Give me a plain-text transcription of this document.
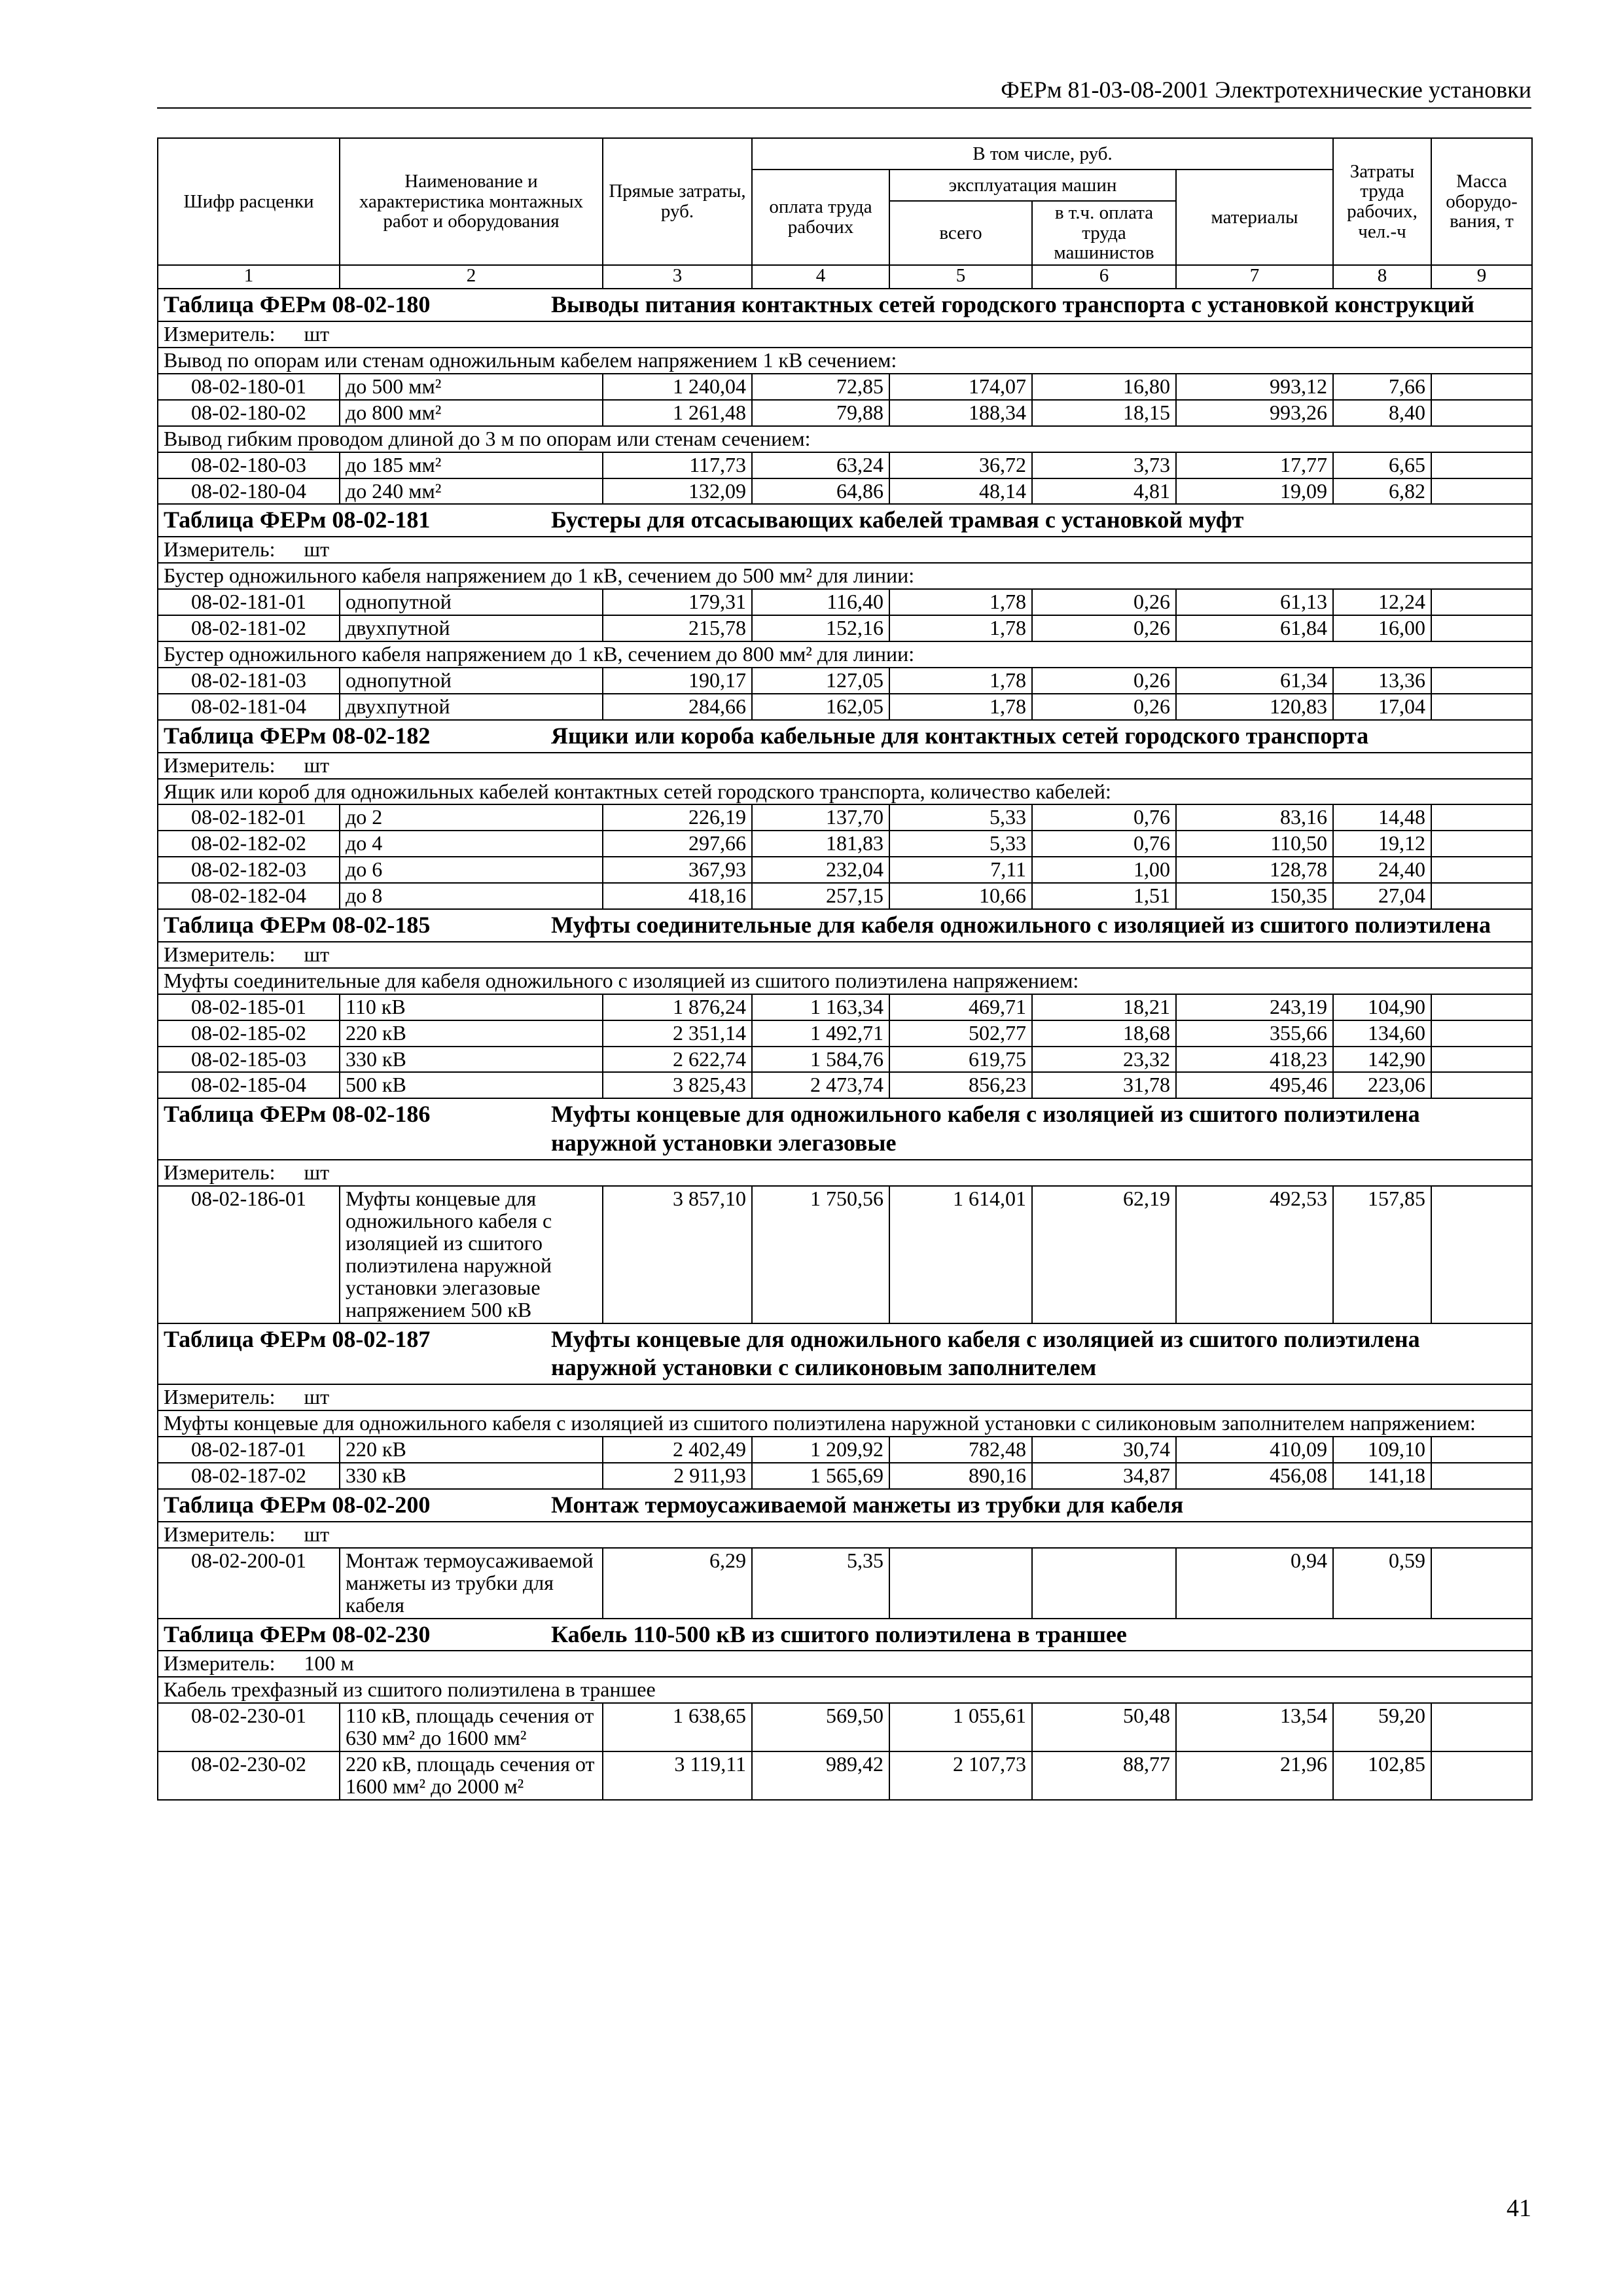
ФЕРм 81-03-08-2001 Электротехнические установки
Шифр расценки	Наименование и характеристика монтажных работ и оборудования	Прямые затраты, руб.	В том числе, руб.				Затраты труда рабочих, чел.-ч	Масса оборудо-вания, т
			оплата труда рабочих	эксплуатация машин		материалы		
				всего	в т.ч. оплата труда машинистов			

1	2	3	4	5	6	7	8	9

Таблица ФЕРм 08-02-180 Выводы питания контактных сетей городского транспорта с установкой конструкций								

Измеритель: шт								
Вывод по опорам или стенам одножильным кабелем напряжением 1 кВ сечением:								
08-02-180-01	до 500 мм²	1 240,04	72,85	174,07	16,80	993,12	7,66	
08-02-180-02	до 800 мм²	1 261,48	79,88	188,34	18,15	993,26	8,40	
Вывод гибким проводом длиной до 3 м по опорам или стенам сечением:								
08-02-180-03	до 185 мм²	117,73	63,24	36,72	3,73	17,77	6,65	
08-02-180-04	до 240 мм²	132,09	64,86	48,14	4,81	19,09	6,82	

Таблица ФЕРм 08-02-181 Бустеры для отсасывающих кабелей трамвая с установкой муфт								

Измеритель: шт								
Бустер одножильного кабеля напряжением до 1 кВ, сечением до 500 мм² для линии:								
08-02-181-01	однопутной	179,31	116,40	1,78	0,26	61,13	12,24	
08-02-181-02	двухпутной	215,78	152,16	1,78	0,26	61,84	16,00	
Бустер одножильного кабеля напряжением до 1 кВ, сечением до 800 мм² для линии:								
08-02-181-03	однопутной	190,17	127,05	1,78	0,26	61,34	13,36	
08-02-181-04	двухпутной	284,66	162,05	1,78	0,26	120,83	17,04	

Таблица ФЕРм 08-02-182 Ящики или короба кабельные для контактных сетей городского транспорта								

Измеритель: шт								
Ящик или короб для одножильных кабелей контактных сетей городского транспорта, количество кабелей:								
08-02-182-01	до 2	226,19	137,70	5,33	0,76	83,16	14,48	
08-02-182-02	до 4	297,66	181,83	5,33	0,76	110,50	19,12	
08-02-182-03	до 6	367,93	232,04	7,11	1,00	128,78	24,40	
08-02-182-04	до 8	418,16	257,15	10,66	1,51	150,35	27,04	

Таблица ФЕРм 08-02-185 Муфты соединительные для кабеля одножильного с изоляцией из сшитого полиэтилена								

Измеритель: шт								
Муфты соединительные для кабеля одножильного с изоляцией из сшитого полиэтилена напряжением:								
08-02-185-01	110 кВ	1 876,24	1 163,34	469,71	18,21	243,19	104,90	
08-02-185-02	220 кВ	2 351,14	1 492,71	502,77	18,68	355,66	134,60	
08-02-185-03	330 кВ	2 622,74	1 584,76	619,75	23,32	418,23	142,90	
08-02-185-04	500 кВ	3 825,43	2 473,74	856,23	31,78	495,46	223,06	

Таблица ФЕРм 08-02-186 Муфты концевые для одножильного кабеля с изоляцией из сшитого полиэтилена наружной установки элегазовые								

Измеритель: шт								
08-02-186-01	Муфты концевые для одножильного кабеля с изоляцией из сшитого полиэтилена наружной установки элегазовые напряжением 500 кВ	3 857,10	1 750,56	1 614,01	62,19	492,53	157,85	

Таблица ФЕРм 08-02-187 Муфты концевые для одножильного кабеля с изоляцией из сшитого полиэтилена наружной установки с силиконовым заполнителем								

Измеритель: шт								
Муфты концевые для одножильного кабеля с изоляцией из сшитого полиэтилена наружной установки с силиконовым заполнителем напряжением:								
08-02-187-01	220 кВ	2 402,49	1 209,92	782,48	30,74	410,09	109,10	
08-02-187-02	330 кВ	2 911,93	1 565,69	890,16	34,87	456,08	141,18	

Таблица ФЕРм 08-02-200 Монтаж термоусаживаемой манжеты из трубки для кабеля								

Измеритель: шт								
08-02-200-01	Монтаж термоусаживаемой манжеты из трубки для кабеля	6,29	5,35			0,94	0,59	

Таблица ФЕРм 08-02-230 Кабель 110-500 кВ из сшитого полиэтилена в траншее								

Измеритель: 100 м								
Кабель трехфазный из сшитого полиэтилена в траншее								
08-02-230-01	110 кВ, площадь сечения от 630 мм² до 1600 мм²	1 638,65	569,50	1 055,61	50,48	13,54	59,20	
08-02-230-02	220 кВ, площадь сечения от 1600 мм² до 2000 м²	3 119,11	989,42	2 107,73	88,77	21,96	102,85	
41
